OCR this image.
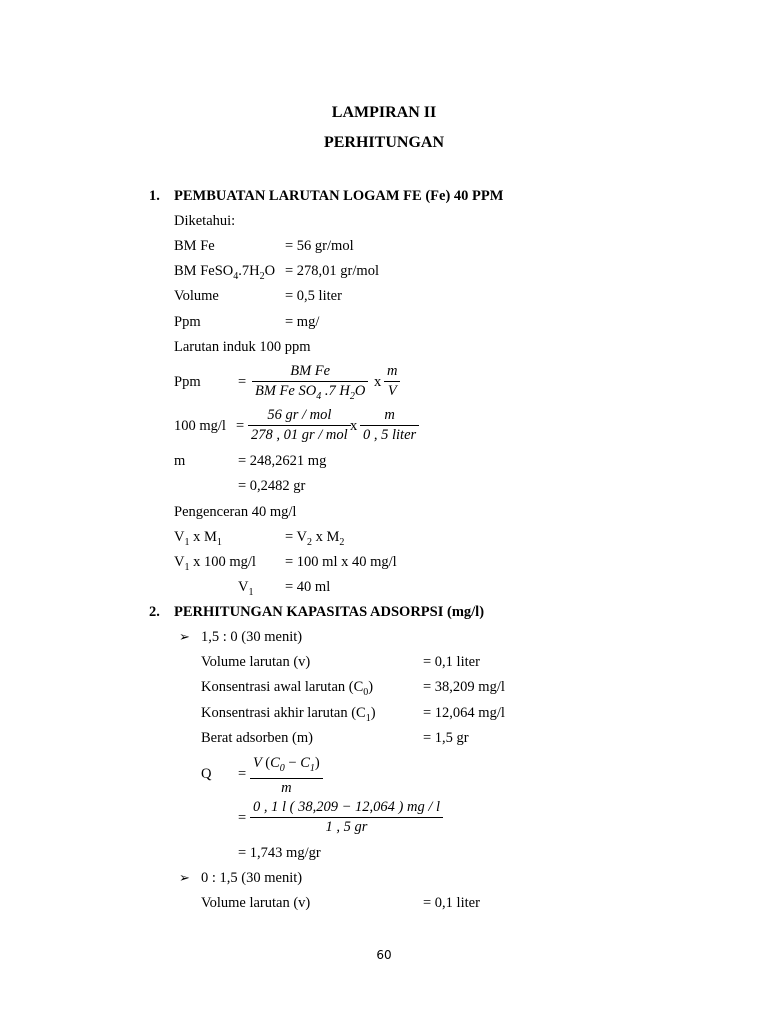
LAMPIRAN II
PERHITUNGAN
1. PEMBUATAN LARUTAN LOGAM FE (Fe) 40 PPM
Diketahui:
BM Fe	= 56 gr/mol
BM $FeSO_4.7H_2O = 278,01$ gr/mol
Volume	= 0,5 liter
Ppm	= mg/
Larutan induk 100 ppm
Ppm	=
BM Fe
BM Fe $SO_4$ .7 $H_2O$
x
m
V
100 mg/l =
56 gr / mol
278 , 01 gr / mol
x
m
0 , 5 liter
m	= 248,2621 mg
= 0,2482 gr
Pengenceran 40 mg/l
$V_1$ x $M_1$	= $V_2$ x $M_2$
$V_1$ x 100 mg/l = 100 ml x 40 mg/l
$V_1 = 40$ ml
2. PERHITUNGAN KAPASITAS ADSORPSI (mg/l)
➢ 1,5 : 0 (30 menit)
Volume larutan (v)	= 0,1 liter
Konsentrasi awal larutan $(C_0)$	= 38,209 mg/l
Konsentrasi akhir larutan $(C_1)$	= 12,064 mg/l
Berat adsorben (m)	= 1,5 gr
Q =
V $(C_0 - C_1)$
m
=
0 , 1 l ( 38,209 − 12,064 ) mg / l
1 , 5 gr
= 1,743 mg/gr
➢ 0 : 1,5 (30 menit)
Volume larutan (v)	= 0,1 liter
60
